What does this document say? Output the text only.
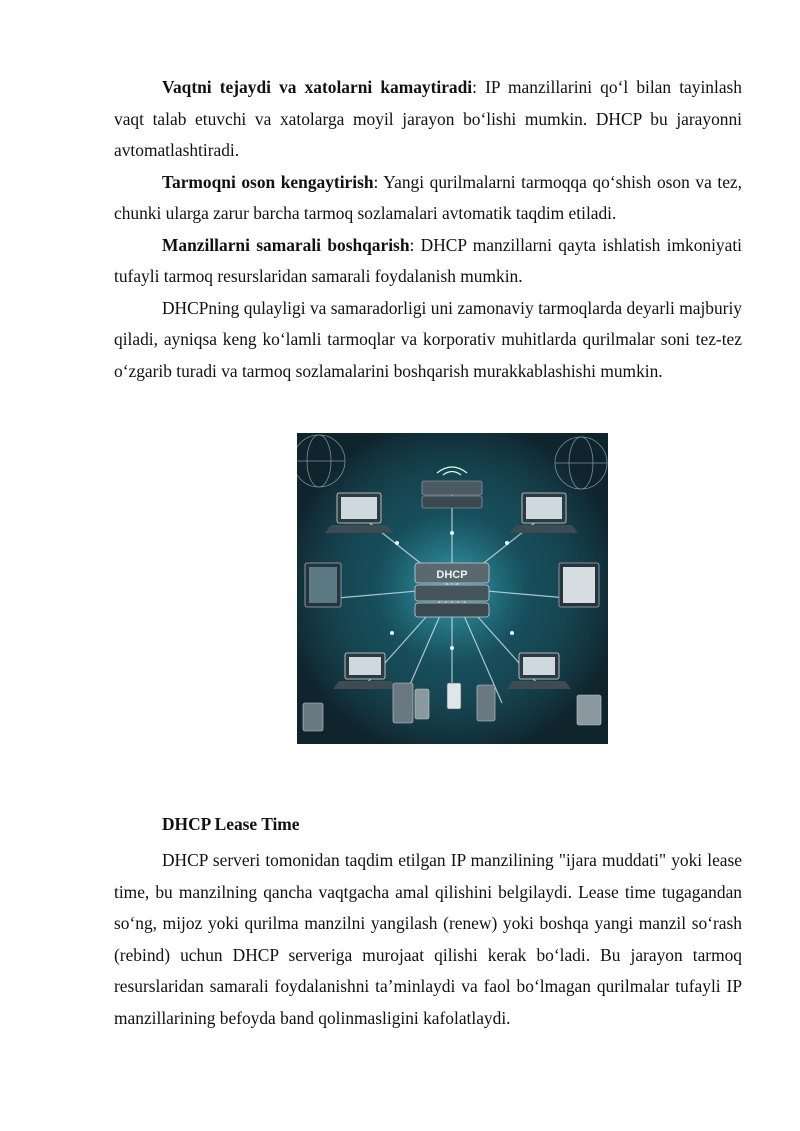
Vaqtni tejaydi va xatolarni kamaytiradi: IP manzillarini qo‘l bilan tayinlash vaqt talab etuvchi va xatolarga moyil jarayon bo‘lishi mumkin. DHCP bu jarayonni avtomatlashtiradi.

Tarmoqni oson kengaytirish: Yangi qurilmalarni tarmoqqa qo‘shish oson va tez, chunki ularga zarur barcha tarmoq sozlamalari avtomatik taqdim etiladi.

Manzillarni samarali boshqarish: DHCP manzillarni qayta ishlatish imkoniyati tufayli tarmoq resurslaridan samarali foydalanish mumkin.

DHCPning qulayligi va samaradorligi uni zamonaviy tarmoqlarda deyarli majburiy qiladi, ayniqsa keng ko‘lamli tarmoqlar va korporativ muhitlarda qurilmalar soni tez-tez o‘zgarib turadi va tarmoq sozlamalarini boshqarish murakkablashishi mumkin.

DHCP
DHCP Lease Time

DHCP serveri tomonidan taqdim etilgan IP manzilining "ijara muddati" yoki lease time, bu manzilning qancha vaqtgacha amal qilishini belgilaydi. Lease time tugagandan so‘ng, mijoz yoki qurilma manzilni yangilash (renew) yoki boshqa yangi manzil so‘rash (rebind) uchun DHCP serveriga murojaat qilishi kerak bo‘ladi. Bu jarayon tarmoq resurslaridan samarali foydalanishni ta’minlaydi va faol bo‘lmagan qurilmalar tufayli IP manzillarining befoyda band qolinmasligini kafolatlaydi.
